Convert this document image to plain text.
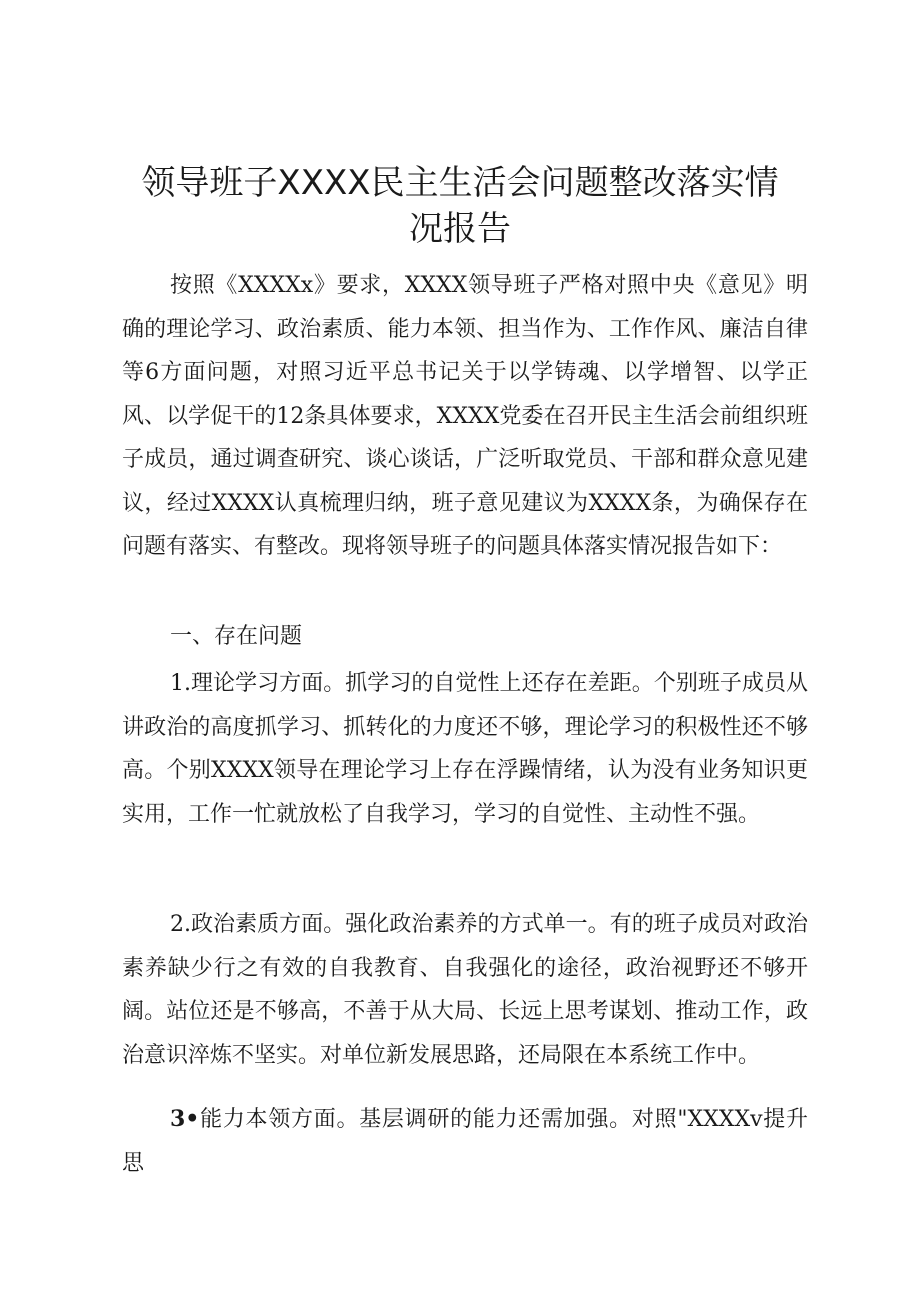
领导班子XXXX民主生活会问题整改落实情
况报告

按照《XXXXx》要求，XXXX领导班子严格对照中央《意见》明确的理论学习、政治素质、能力本领、担当作为、工作作风、廉洁自律等6方面问题，对照习近平总书记关于以学铸魂、以学增智、以学正风、以学促干的12条具体要求，XXXX党委在召开民主生活会前组织班子成员，通过调查研究、谈心谈话，广泛听取党员、干部和群众意见建议，经过XXXX认真梳理归纳，班子意见建议为XXXX条，为确保存在问题有落实、有整改。现将领导班子的问题具体落实情况报告如下：

一、存在问题

1.理论学习方面。抓学习的自觉性上还存在差距。个别班子成员从讲政治的高度抓学习、抓转化的力度还不够，理论学习的积极性还不够高。个别XXXX领导在理论学习上存在浮躁情绪，认为没有业务知识更实用，工作一忙就放松了自我学习，学习的自觉性、主动性不强。

2.政治素质方面。强化政治素养的方式单一。有的班子成员对政治素养缺少行之有效的自我教育、自我强化的途径，政治视野还不够开阔。站位还是不够高，不善于从大局、长远上思考谋划、推动工作，政治意识淬炼不坚实。对单位新发展思路，还局限在本系统工作中。

3•能力本领方面。基层调研的能力还需加强。对照"XXXXv提升思
